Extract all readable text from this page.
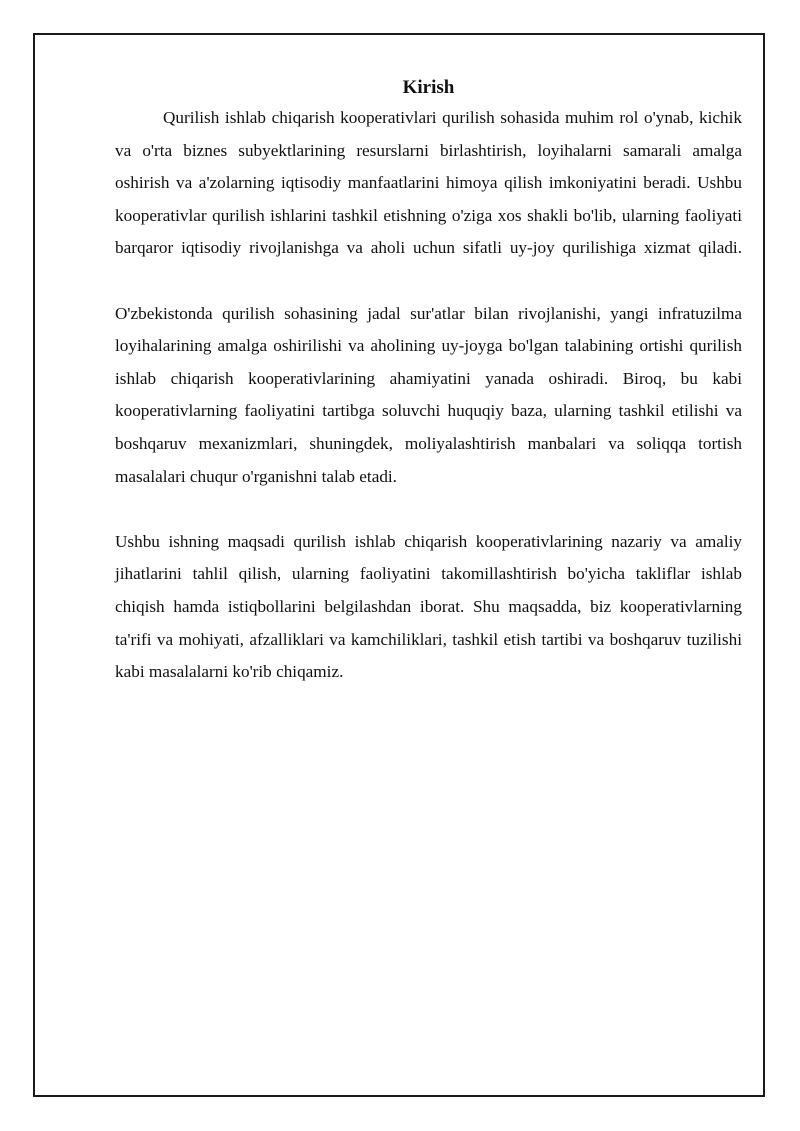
Kirish

Qurilish ishlab chiqarish kooperativlari qurilish sohasida muhim rol o'ynab, kichik va o'rta biznes subyektlarining resurslarni birlashtirish, loyihalarni samarali amalga oshirish va a'zolarning iqtisodiy manfaatlarini himoya qilish imkoniyatini beradi. Ushbu kooperativlar qurilish ishlarini tashkil etishning o'ziga xos shakli bo'lib, ularning faoliyati barqaror iqtisodiy rivojlanishga va aholi uchun sifatli uy-joy qurilishiga xizmat qiladi.

O'zbekistonda qurilish sohasining jadal sur'atlar bilan rivojlanishi, yangi infratuzilma loyihalarining amalga oshirilishi va aholining uy-joyga bo'lgan talabining ortishi qurilish ishlab chiqarish kooperativlarining ahamiyatini yanada oshiradi. Biroq, bu kabi kooperativlarning faoliyatini tartibga soluvchi huquqiy baza, ularning tashkil etilishi va boshqaruv mexanizmlari, shuningdek, moliyalashtirish manbalari va soliqqa tortish masalalari chuqur o'rganishni talab etadi.

Ushbu ishning maqsadi qurilish ishlab chiqarish kooperativlarining nazariy va amaliy jihatlarini tahlil qilish, ularning faoliyatini takomillashtirish bo'yicha takliflar ishlab chiqish hamda istiqbollarini belgilashdan iborat. Shu maqsadda, biz kooperativlarning ta'rifi va mohiyati, afzalliklari va kamchiliklari, tashkil etish tartibi va boshqaruv tuzilishi kabi masalalarni ko'rib chiqamiz.
